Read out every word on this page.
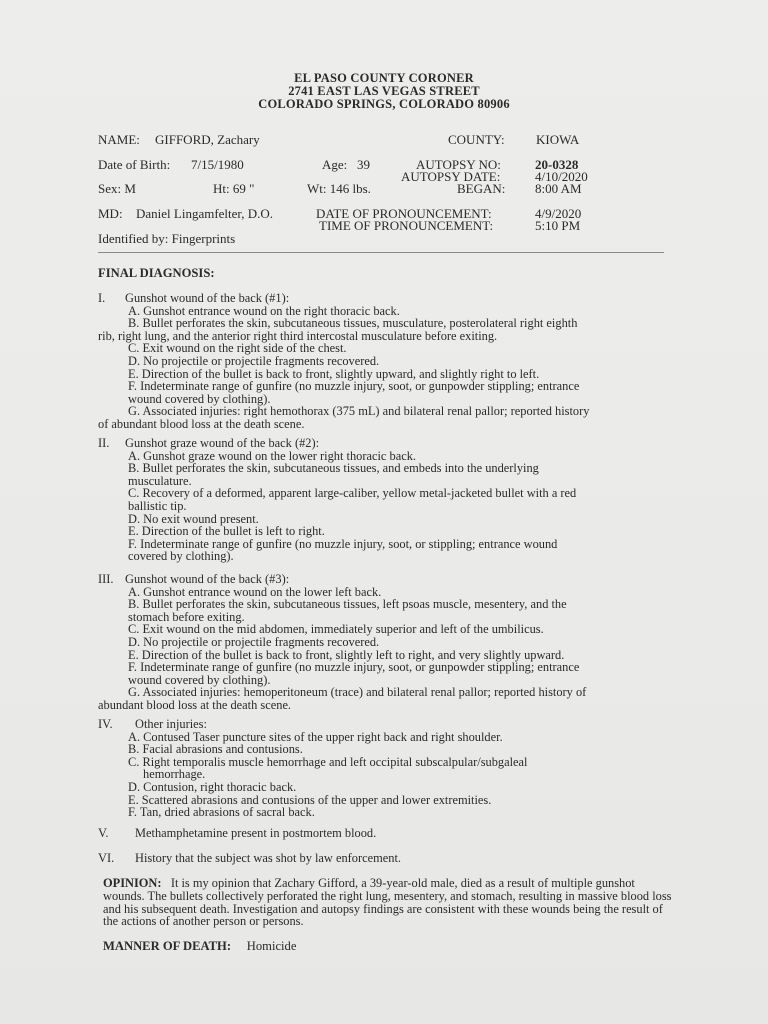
EL PASO COUNTY CORONER
2741 EAST LAS VEGAS STREET
COLORADO SPRINGS, COLORADO 80906
NAME: GIFFORD, Zachary	COUNTY: KIOWA
Date of Birth: 7/15/1980	Age: 39	AUTOPSY NO:	20-0328
AUTOPSY DATE:	4/10/2020
Sex: M	Ht: 69 "	Wt: 146 lbs.	BEGAN: 8:00 AM
MD: Daniel Lingamfelter, D.O.	DATE OF PRONOUNCEMENT:	4/9/2020
TIME OF PRONOUNCEMENT:	5:10 PM
Identified by: Fingerprints
FINAL DIAGNOSIS:
I. Gunshot wound of the back (#1):
A. Gunshot entrance wound on the right thoracic back.
B. Bullet perforates the skin, subcutaneous tissues, musculature, posterolateral right eighth
rib, right lung, and the anterior right third intercostal musculature before exiting.
C. Exit wound on the right side of the chest.
D. No projectile or projectile fragments recovered.
E. Direction of the bullet is back to front, slightly upward, and slightly right to left.
F. Indeterminate range of gunfire (no muzzle injury, soot, or gunpowder stippling; entrance
wound covered by clothing).
G. Associated injuries: right hemothorax (375 mL) and bilateral renal pallor; reported history
of abundant blood loss at the death scene.
II. Gunshot graze wound of the back (#2):
A. Gunshot graze wound on the lower right thoracic back.
B. Bullet perforates the skin, subcutaneous tissues, and embeds into the underlying
musculature.
C. Recovery of a deformed, apparent large-caliber, yellow metal-jacketed bullet with a red
ballistic tip.
D. No exit wound present.
E. Direction of the bullet is left to right.
F. Indeterminate range of gunfire (no muzzle injury, soot, or stippling; entrance wound
covered by clothing).
III. Gunshot wound of the back (#3):
A. Gunshot entrance wound on the lower left back.
B. Bullet perforates the skin, subcutaneous tissues, left psoas muscle, mesentery, and the
stomach before exiting.
C. Exit wound on the mid abdomen, immediately superior and left of the umbilicus.
D. No projectile or projectile fragments recovered.
E. Direction of the bullet is back to front, slightly left to right, and very slightly upward.
F. Indeterminate range of gunfire (no muzzle injury, soot, or gunpowder stippling; entrance
wound covered by clothing).
G. Associated injuries: hemoperitoneum (trace) and bilateral renal pallor; reported history of
abundant blood loss at the death scene.
IV. Other injuries:
A. Contused Taser puncture sites of the upper right back and right shoulder.
B. Facial abrasions and contusions.
C. Right temporalis muscle hemorrhage and left occipital subscalpular/subgaleal
hemorrhage.
D. Contusion, right thoracic back.
E. Scattered abrasions and contusions of the upper and lower extremities.
F. Tan, dried abrasions of sacral back.
V. Methamphetamine present in postmortem blood.
VI. History that the subject was shot by law enforcement.
OPINION: It is my opinion that Zachary Gifford, a 39-year-old male, died as a result of multiple gunshot wounds. The bullets collectively perforated the right lung, mesentery, and stomach, resulting in massive blood loss and his subsequent death. Investigation and autopsy findings are consistent with these wounds being the result of the actions of another person or persons.
MANNER OF DEATH: Homicide
